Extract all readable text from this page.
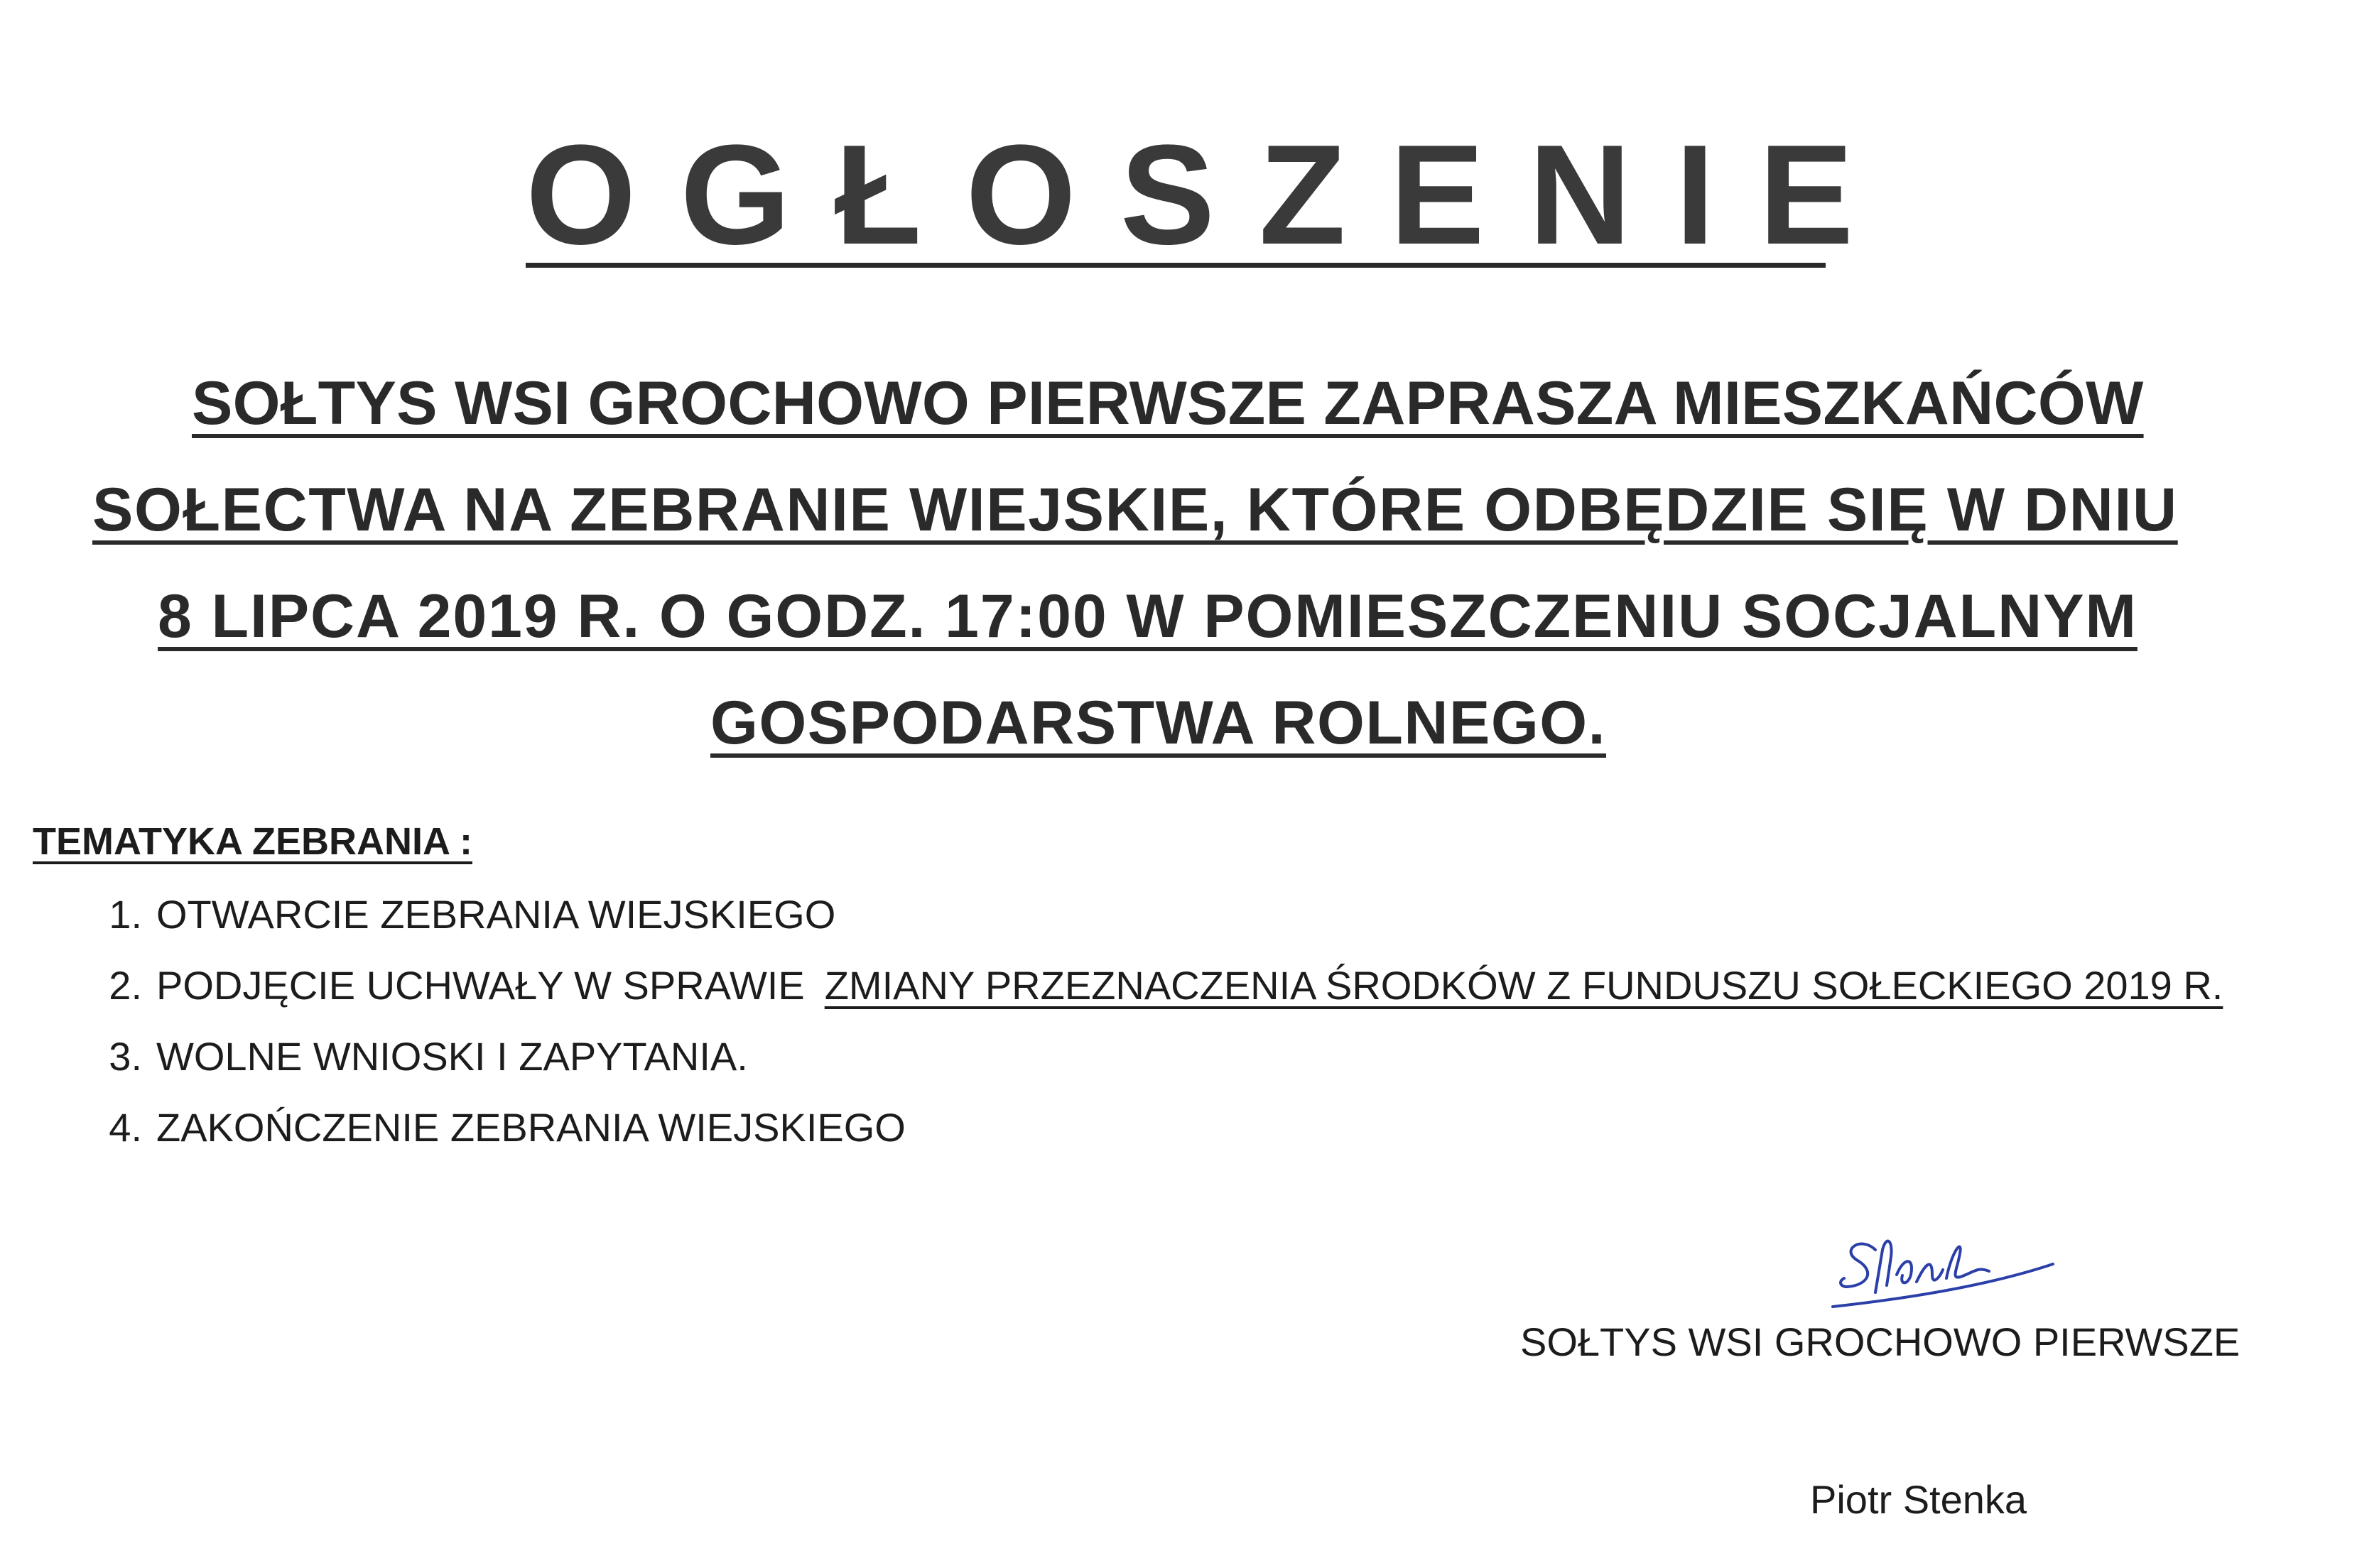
OGŁOSZENIE
SOŁTYS WSI GROCHOWO PIERWSZE ZAPRASZA MIESZKAŃCÓW
SOŁECTWA NA ZEBRANIE WIEJSKIE, KTÓRE ODBĘDZIE SIĘ W DNIU
8 LIPCA 2019 R. O GODZ. 17:00 W POMIESZCZENIU SOCJALNYM
GOSPODARSTWA ROLNEGO.
TEMATYKA ZEBRANIA :
1. OTWARCIE ZEBRANIA WIEJSKIEGO
2. PODJĘCIE UCHWAŁY W SPRAWIE ZMIANY PRZEZNACZENIA ŚRODKÓW Z FUNDUSZU SOŁECKIEGO 2019 R.
3. WOLNE WNIOSKI I ZAPYTANIA.
4. ZAKOŃCZENIE ZEBRANIA WIEJSKIEGO
SOŁTYS WSI GROCHOWO PIERWSZE
Piotr Stenka
